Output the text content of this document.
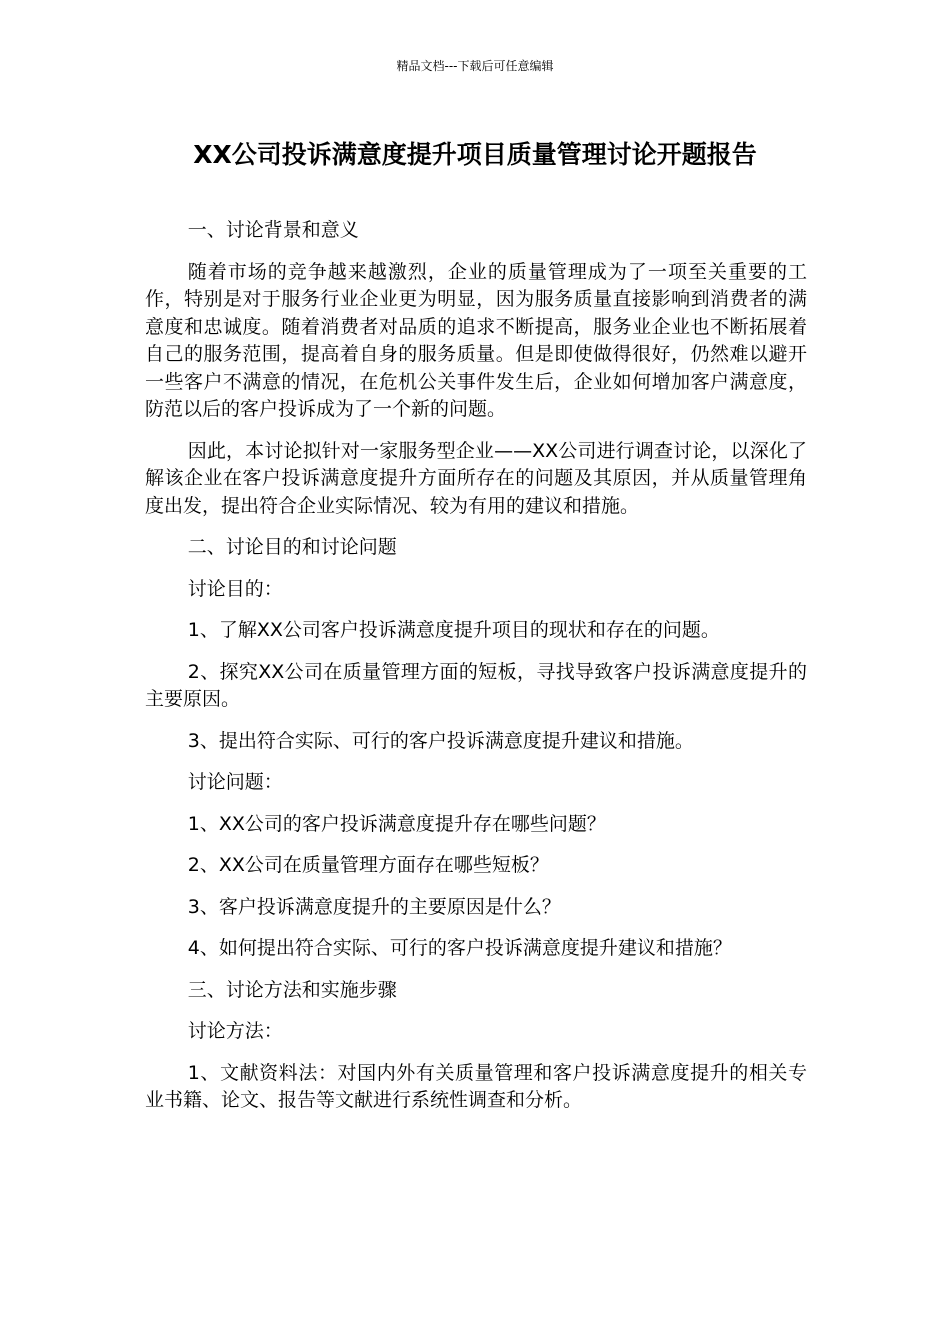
精品文档---下载后可任意编辑
XX公司投诉满意度提升项目质量管理讨论开题报告

一、讨论背景和意义

随着市场的竞争越来越激烈，企业的质量管理成为了一项至关重要的工作，特别是对于服务行业企业更为明显，因为服务质量直接影响到消费者的满意度和忠诚度。随着消费者对品质的追求不断提高，服务业企业也不断拓展着自己的服务范围，提高着自身的服务质量。但是即使做得很好，仍然难以避开一些客户不满意的情况，在危机公关事件发生后，企业如何增加客户满意度，防范以后的客户投诉成为了一个新的问题。

因此，本讨论拟针对一家服务型企业——XX公司进行调查讨论，以深化了解该企业在客户投诉满意度提升方面所存在的问题及其原因，并从质量管理角度出发，提出符合企业实际情况、较为有用的建议和措施。

二、讨论目的和讨论问题

讨论目的：

1、了解XX公司客户投诉满意度提升项目的现状和存在的问题。

2、探究XX公司在质量管理方面的短板，寻找导致客户投诉满意度提升的主要原因。

3、提出符合实际、可行的客户投诉满意度提升建议和措施。

讨论问题：

1、XX公司的客户投诉满意度提升存在哪些问题？

2、XX公司在质量管理方面存在哪些短板？

3、客户投诉满意度提升的主要原因是什么？

4、如何提出符合实际、可行的客户投诉满意度提升建议和措施？

三、讨论方法和实施步骤

讨论方法：

1、文献资料法：对国内外有关质量管理和客户投诉满意度提升的相关专业书籍、论文、报告等文献进行系统性调查和分析。
